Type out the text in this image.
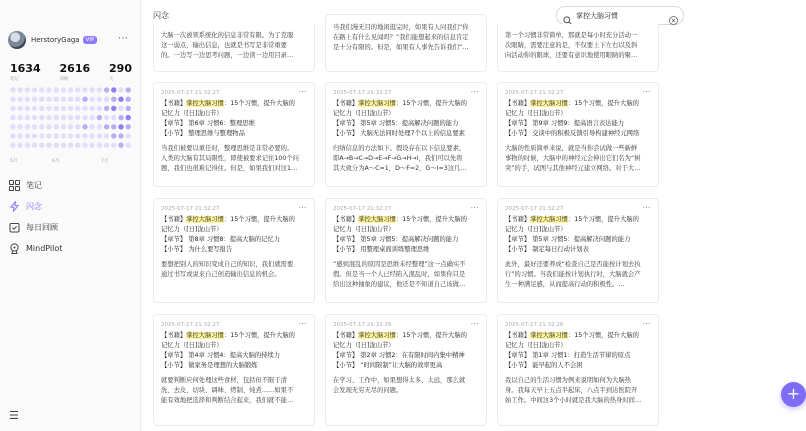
HerstoryGaga	VIP	⋯
1634
笔记
2616
回顾
290
天
5月	6月	7月
笔记
闪念
每日回顾
MindPilot
☰
闪念	掌控大脑习惯
大脑一次被领系统化的信息非常有限。为了克服
这一弱点，输出信息，也就是书写是非常重要
的。一边写一边思考问题，一边读一边用目录…
当我们漫无目的地闲逛完时，如果有人问我们“你
在路上有什么见闻吗？”我们能想起来的信息肯定
是十分有限的。但是，如果有人事先告诉我们“…
第一个习惯非常简单，那就是每小时充分活动一
次眼睛，需要注意的是，不仅要上下左右以及斜
向活动你的眼球，还要有意识地使用眼睛的聚…
2025-07-17 21:32:27	⋯
【书籍】掌控大脑习惯：15个习惯，提升大脑的
记忆力（[日]泷山节）
【章节】 第6章 习惯6：整理思维
【小节】 整理思维与整理物品
当我们被要以重任时，整理思维是非常必要的。
人类的大脑有其局限性，即使被要求记住100个问
题，我们也很难记得住。但是，如果我们对这1…
2025-07-17 21:32:27	⋯
【书籍】掌控大脑习惯：15个习惯，提升大脑的
记忆力（[日]泷山节）
【章节】 第5章 习惯5：提高解决问题的能力
【小节】 大脑无法同时处理7个以上的信息要素
归纳信息的方法如下。假设存在以下信息要素，
即A→B→C→D→E→F→G→H→I，我们可以先将
其大致分为A～C=1，D～F=2，G～I=3这几…
2025-07-17 21:32:27	⋯
【书籍】掌控大脑习惯：15个习惯，提升大脑的
记忆力（[日]泷山节）
【章节】 第9章 习惯9：提高语言表达能力
【小节】 交谈中的积极反馈引导构建神经元网络
大脑的性质简单来说，就是当你尝试做一些新鲜
事物的时候，大脑中的神经元会伸出它们名为“树
突”的手，试图与其他神经元建立网络。对于大…
2025-07-17 21:32:27	⋯
【书籍】掌控大脑习惯：15个习惯，提升大脑的
记忆力（[日]泷山节）
【章节】 第8章 习惯8：提高大脑的记忆力
【小节】 为什么要写报告
要想把别人的知识变成自己的知识，我们就需要
通过书写或说来自己创造输出信息的机会。
2025-07-17 21:32:27	⋯
【书籍】掌控大脑习惯：15个习惯，提升大脑的
记忆力（[日]泷山节）
【章节】 第5章 习惯5：提高解决问题的能力
【小节】 用整理桌面训练整理思维
“感到混乱的原因是思维未经整理”这一点确实不
假。但是当一个人已经陷入混乱时，如果你只是
给出这种抽象的建议，他还是不知道自己该做…
2025-07-17 21:32:27	⋯
【书籍】掌控大脑习惯：15个习惯，提升大脑的
记忆力（[日]泷山节）
【章节】 第5章 习惯5：提高解决问题的能力
【小节】 制定每日行动计划表
此外，最好还要养成“检查自己是否能按计划去执
行”的习惯。当我们能按计划执行时，大脑就会产
生一种满足感，从而提高行动的积极性。…
2025-07-17 21:32:27	⋯
【书籍】掌控大脑习惯：15个习惯，提升大脑的
记忆力（[日]泷山节）
【章节】 第4章 习惯4：提高大脑的持续力
【小节】 做家务是理想的大脑锻炼
就要判断应何处理这些食材，包括但不限于清
洗、去皮、切块、调味、烤制、炖煮……如果不
能有效地把选择和判断结合起来，我们就不能…
2025-07-17 21:32:26	⋯
【书籍】掌控大脑习惯：15个习惯，提升大脑的
记忆力（[日]泷山节）
【章节】 第2章 习惯2：在有限时间内集中精神
【小节】 “时间限制”让大脑的效率更高
在学习、工作中，如果想得太多、太远，那么就
会发现无穷无尽的问题。
2025-07-17 21:32:26	⋯
【书籍】掌控大脑习惯：15个习惯，提升大脑的
记忆力（[日]泷山节）
【章节】 第1章 习惯1：打造生活节律的原点
【小节】 能早起的人不会困
我以自己的生活习惯为例来说明如何为大脑热
身。我每天早上五点半起床，八点半到达医院开
始工作。中间这3个小时就是我大脑的热身时间…	+
